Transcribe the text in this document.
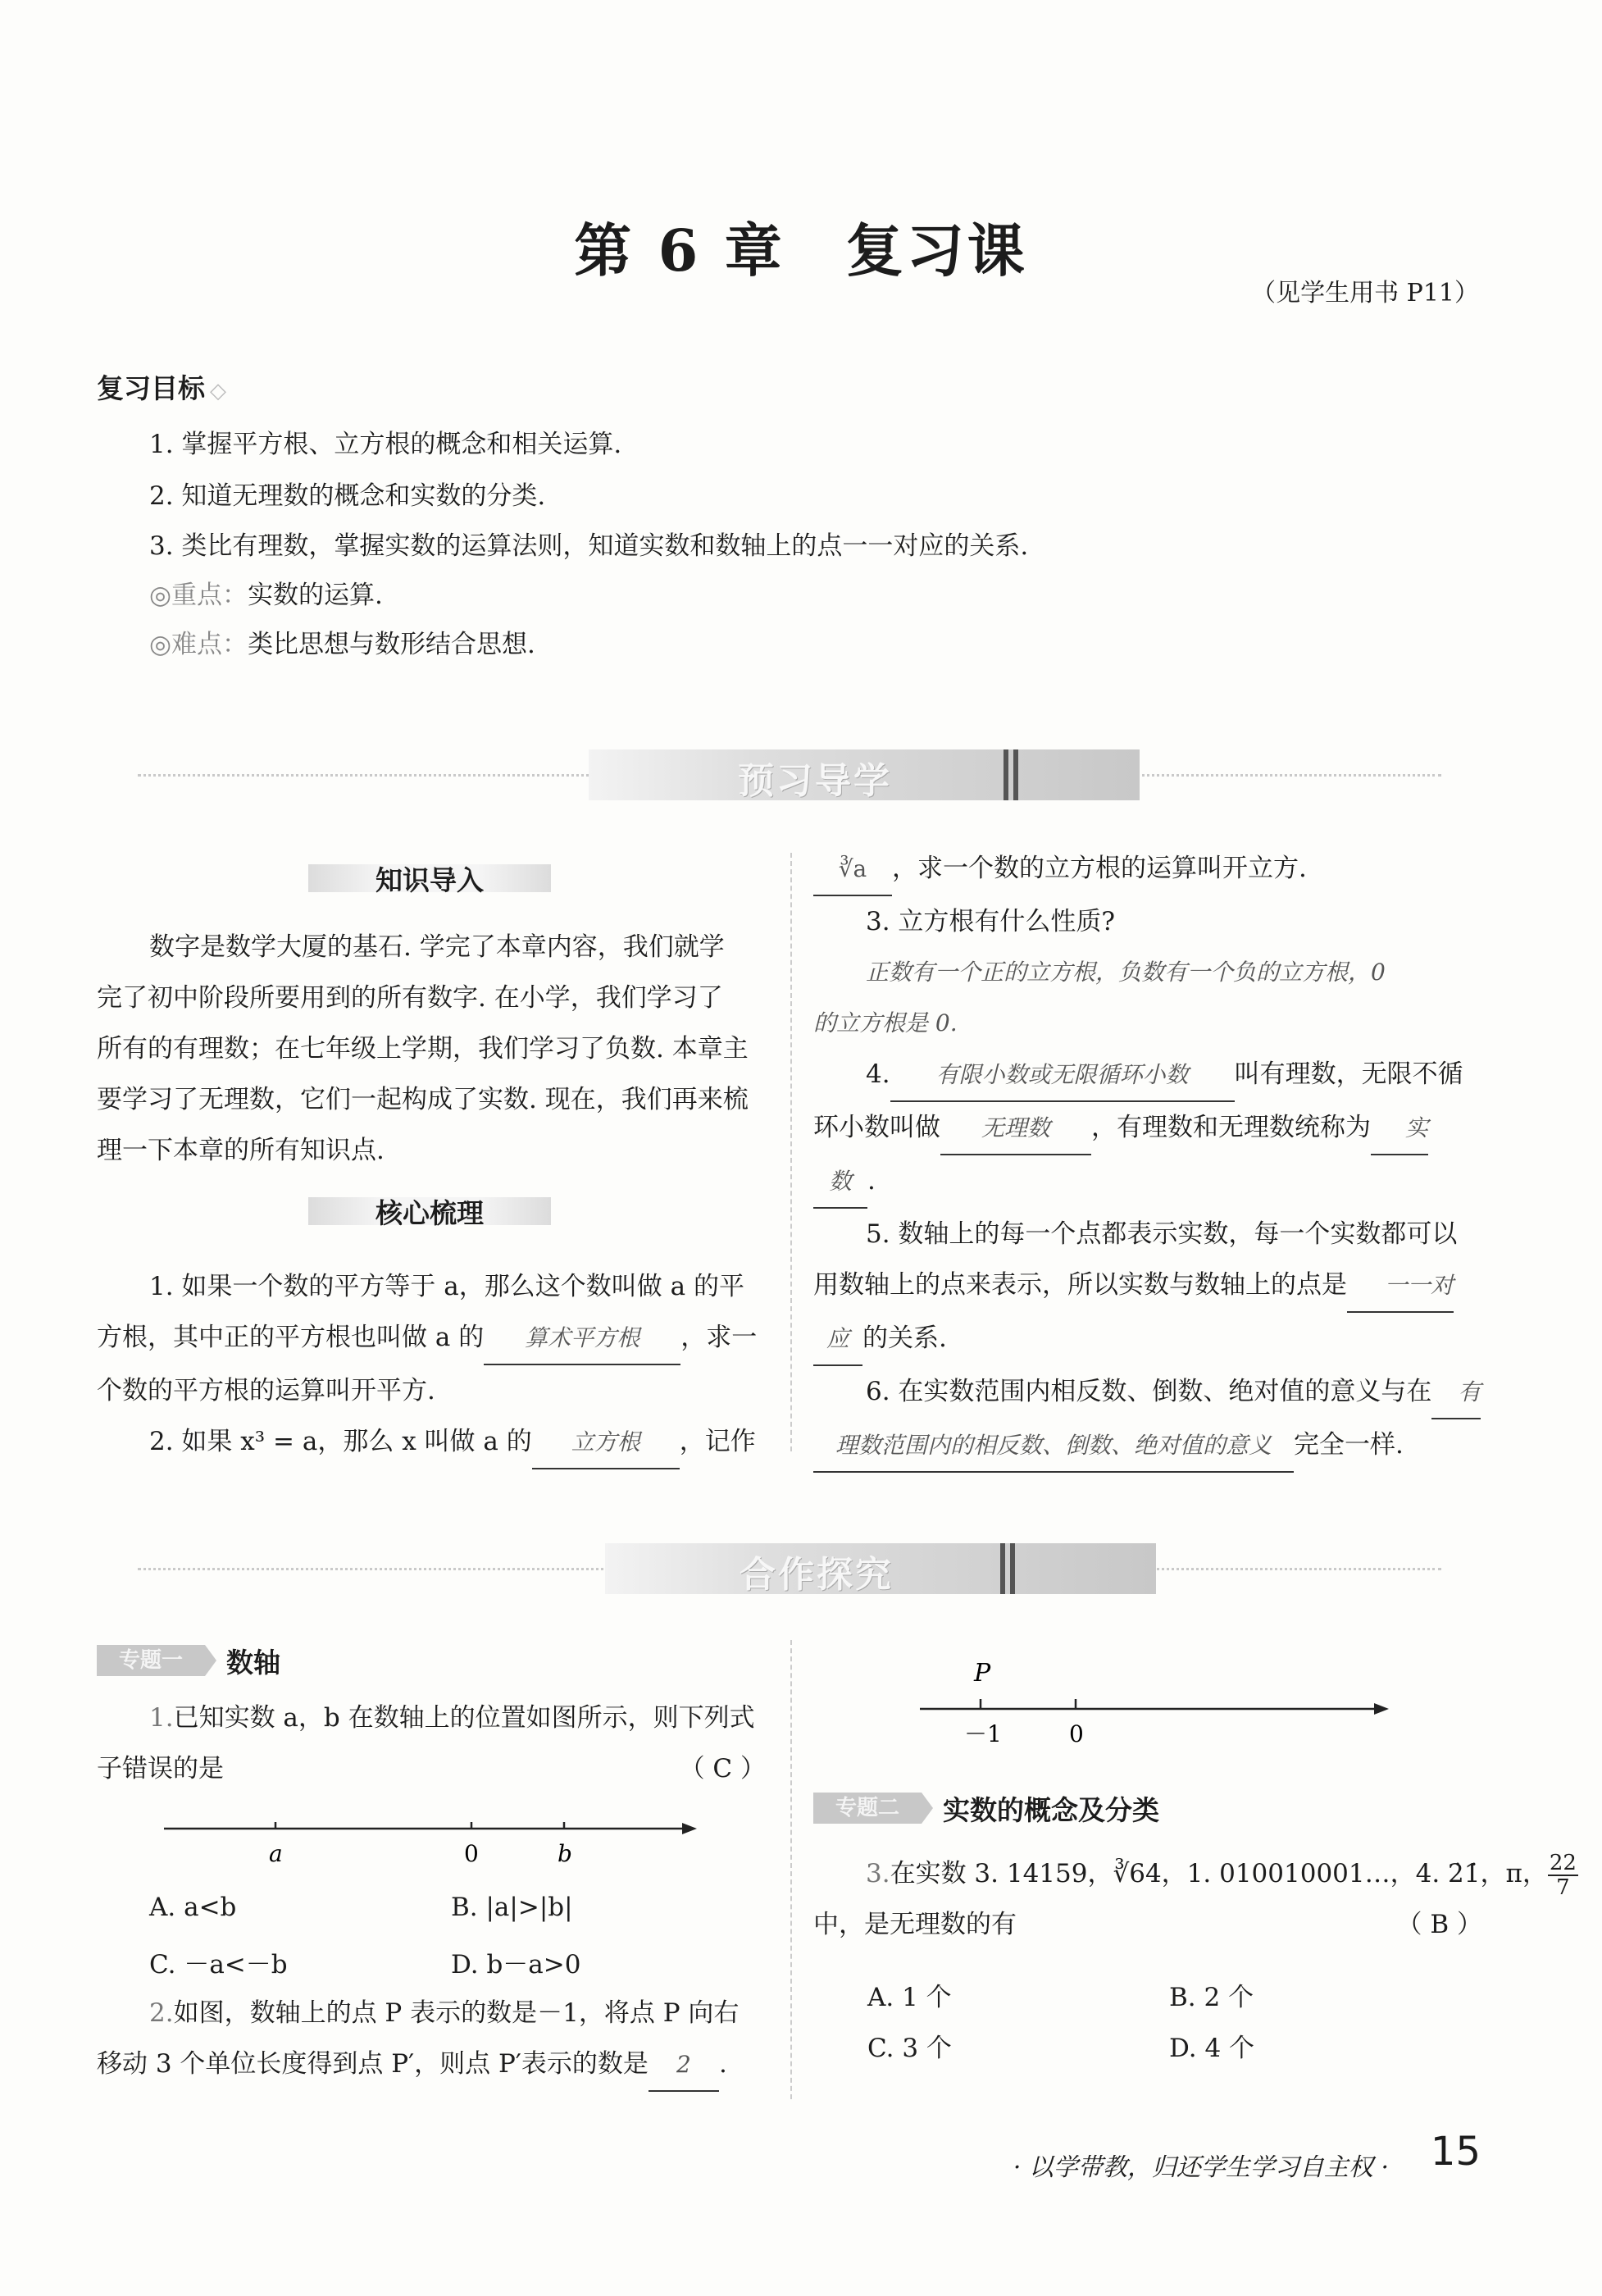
第 6 章　复习课
（见学生用书 P11）
复习目标 ◇
1. 掌握平方根、立方根的概念和相关运算.
2. 知道无理数的概念和实数的分类.
3. 类比有理数，掌握实数的运算法则，知道实数和数轴上的点一一对应的关系.
◎重点：实数的运算.
◎难点：类比思想与数形结合思想.
预习导学
知识导入
数字是数学大厦的基石. 学完了本章内容，我们就学
完了初中阶段所要用到的所有数字. 在小学，我们学习了
所有的有理数；在七年级上学期，我们学习了负数. 本章主
要学习了无理数，它们一起构成了实数. 现在，我们再来梳
理一下本章的所有知识点.
核心梳理
1. 如果一个数的平方等于 a，那么这个数叫做 a 的平
方根，其中正的平方根也叫做 a 的 算术平方根 ，求一
个数的平方根的运算叫开平方.
2. 如果 x³ = a，那么 x 叫做 a 的 立方根 ，记作
∛a ，求一个数的立方根的运算叫开立方.
3. 立方根有什么性质?
正数有一个正的立方根，负数有一个负的立方根，0
的立方根是 0.
4. 有限小数或无限循环小数 叫有理数，无限不循
环小数叫做 无理数 ，有理数和无理数统称为 实
数 .
5. 数轴上的每一个点都表示实数，每一个实数都可以
用数轴上的点来表示，所以实数与数轴上的点是 一一对
应 的关系.
6. 在实数范围内相反数、倒数、绝对值的意义与在 有
理数范围内的相反数、倒数、绝对值的意义 完全一样.
合作探究
专题一	数轴
1.已知实数 a，b 在数轴上的位置如图所示，则下列式
子错误的是	（ C ）
a	0	b
A. a<b	B. |a|>|b|
C. －a<－b	D. b－a>0
2.如图，数轴上的点 P 表示的数是－1，将点 P 向右
移动 3 个单位长度得到点 P′，则点 P′表示的数是 2 .
P
－1	0
专题二	实数的概念及分类
3.在实数 3. 14159，∛64，1. 010010001…，4. 2̇1̇，π， $\frac{22}{7}$
中，是无理数的有	（ B ）
A. 1 个	B. 2 个
C. 3 个	D. 4 个
· 以学带教，归还学生学习自主权 · 15
